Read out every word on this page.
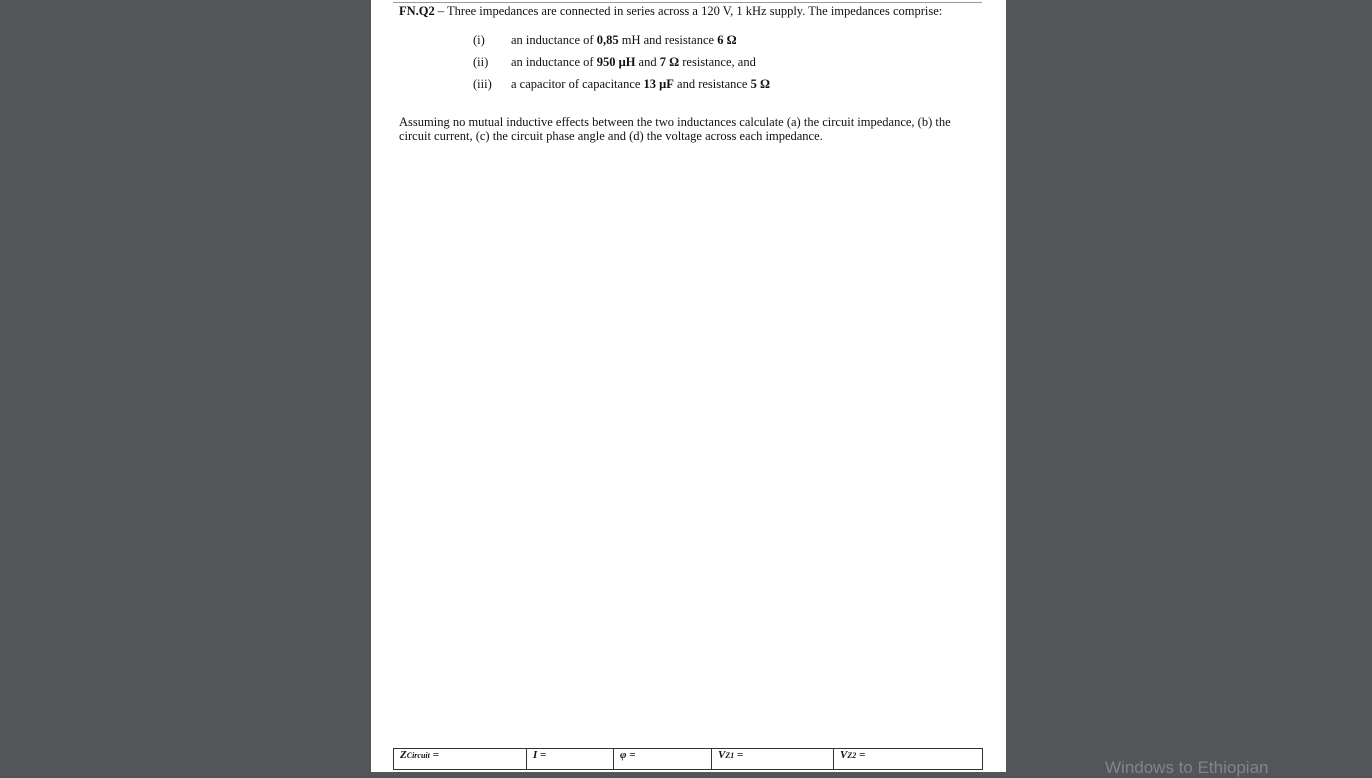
FN.Q2 – Three impedances are connected in series across a 120 V, 1 kHz supply. The impedances comprise:
(i) an inductance of 0,85 mH and resistance 6 Ω
(ii) an inductance of 950 μH and 7 Ω resistance, and
(iii) a capacitor of capacitance 13 μF and resistance 5 Ω
Assuming no mutual inductive effects between the two inductances calculate (a) the circuit impedance, (b) the circuit current, (c) the circuit phase angle and (d) the voltage across each impedance.
ZCircuit =	I =	φ =	VZ1 =	VZ2 =
Windows to Ethiopian
